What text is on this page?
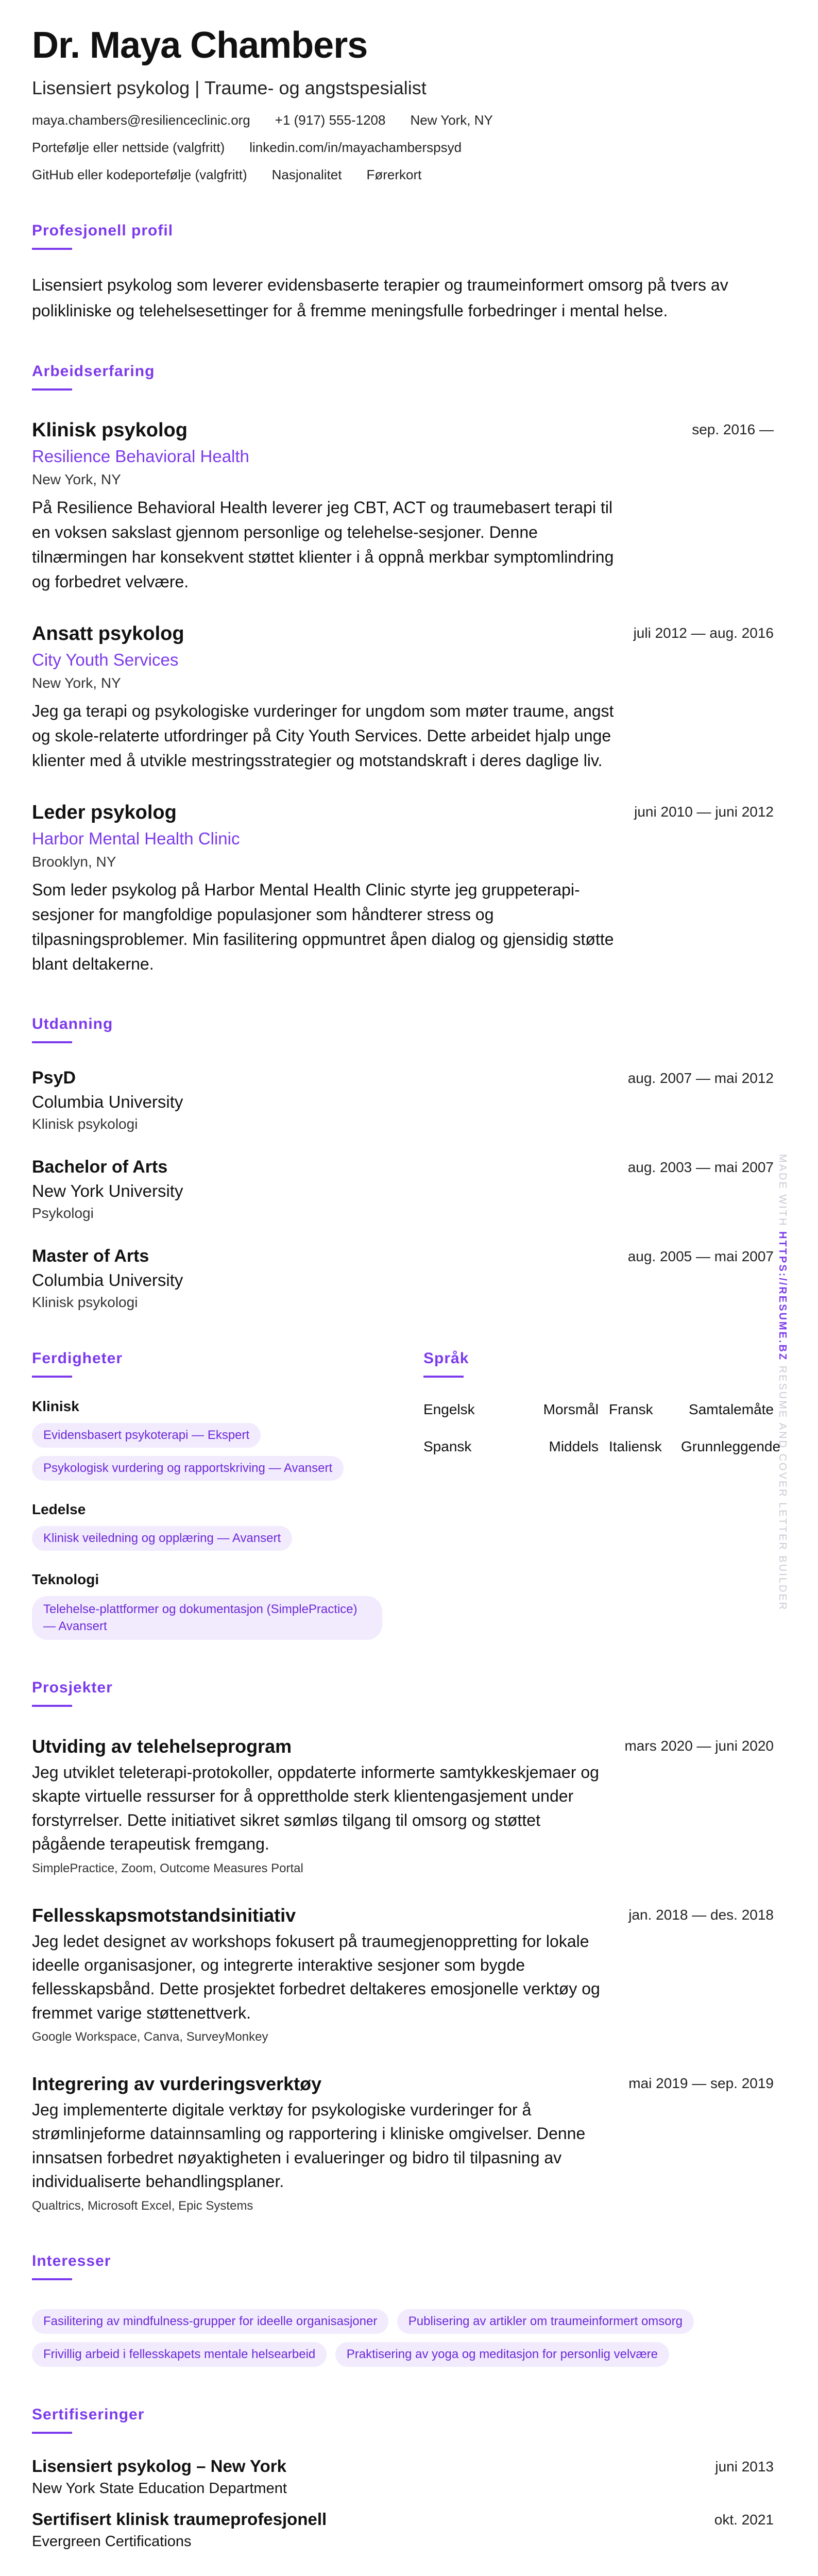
Dr. Maya Chambers
Lisensiert psykolog | Traume- og angstspesialist
maya.chambers@resilienceclinic.org +1 (917) 555-1208 New York, NY
Portefølje eller nettside (valgfritt) linkedin.com/in/mayachamberspsyd
GitHub eller kodeportefølje (valgfritt) Nasjonalitet Førerkort
Profesjonell profil

Lisensiert psykolog som leverer evidensbaserte terapier og traumeinformert omsorg på tvers av polikliniske og telehelsesettinger for å fremme meningsfulle forbedringer i mental helse.

Arbeidserfaring
sep. 2016 —
Klinisk psykolog
Resilience Behavioral Health
New York, NY
På Resilience Behavioral Health leverer jeg CBT, ACT og traumebasert terapi til en voksen sakslast gjennom personlige og telehelse-sesjoner. Denne tilnærmingen har konsekvent støttet klienter i å oppnå merkbar symptomlindring og forbedret velvære.
juli 2012 — aug. 2016
Ansatt psykolog
City Youth Services
New York, NY
Jeg ga terapi og psykologiske vurderinger for ungdom som møter traume, angst og skole-relaterte utfordringer på City Youth Services. Dette arbeidet hjalp unge klienter med å utvikle mestringsstrategier og motstandskraft i deres daglige liv.
juni 2010 — juni 2012
Leder psykolog
Harbor Mental Health Clinic
Brooklyn, NY
Som leder psykolog på Harbor Mental Health Clinic styrte jeg gruppeterapi-sesjoner for mangfoldige populasjoner som håndterer stress og tilpasningsproblemer. Min fasilitering oppmuntret åpen dialog og gjensidig støtte blant deltakerne.
Utdanning
aug. 2007 — mai 2012
PsyD
Columbia University
Klinisk psykologi
aug. 2003 — mai 2007
Bachelor of Arts
New York University
Psykologi
aug. 2005 — mai 2007
Master of Arts
Columbia University
Klinisk psykologi
Ferdigheter
Klinisk
Evidensbasert psykoterapi — Ekspert
Psykologisk vurdering og rapportskriving — Avansert
Ledelse
Klinisk veiledning og opplæring — Avansert
Teknologi
Telehelse-plattformer og dokumentasjon (SimplePractice) — Avansert
Språk
Engelsk	Morsmål Fransk	Samtalemåte
Spansk	Middels Italiensk	Grunnleggende
Prosjekter
mars 2020 — juni 2020
Utviding av telehelseprogram
Jeg utviklet teleterapi-protokoller, oppdaterte informerte samtykkeskjemaer og skapte virtuelle ressurser for å opprettholde sterk klientengasjement under forstyrrelser. Dette initiativet sikret sømløs tilgang til omsorg og støttet pågående terapeutisk fremgang.
SimplePractice, Zoom, Outcome Measures Portal
jan. 2018 — des. 2018
Fellesskapsmotstandsinitiativ
Jeg ledet designet av workshops fokusert på traumegjenoppretting for lokale ideelle organisasjoner, og integrerte interaktive sesjoner som bygde fellesskapsbånd. Dette prosjektet forbedret deltakeres emosjonelle verktøy og fremmet varige støttenettverk.
Google Workspace, Canva, SurveyMonkey
mai 2019 — sep. 2019
Integrering av vurderingsverktøy
Jeg implementerte digitale verktøy for psykologiske vurderinger for å strømlinjeforme datainnsamling og rapportering i kliniske omgivelser. Denne innsatsen forbedret nøyaktigheten i evalueringer og bidro til tilpasning av individualiserte behandlingsplaner.
Qualtrics, Microsoft Excel, Epic Systems
Interesser
Fasilitering av mindfulness-grupper for ideelle organisasjoner	Publisering av artikler om traumeinformert omsorg Frivillig arbeid i fellesskapets mentale helsearbeid	Praktisering av yoga og meditasjon for personlig velvære
Sertifiseringer
juni 2013
Lisensiert psykolog – New York
New York State Education Department
okt. 2021
Sertifisert klinisk traumeprofesjonell
Evergreen Certifications
MADE WITH HTTPS://RESUME.BZ RESUME AND COVER LETTER BUILDER
